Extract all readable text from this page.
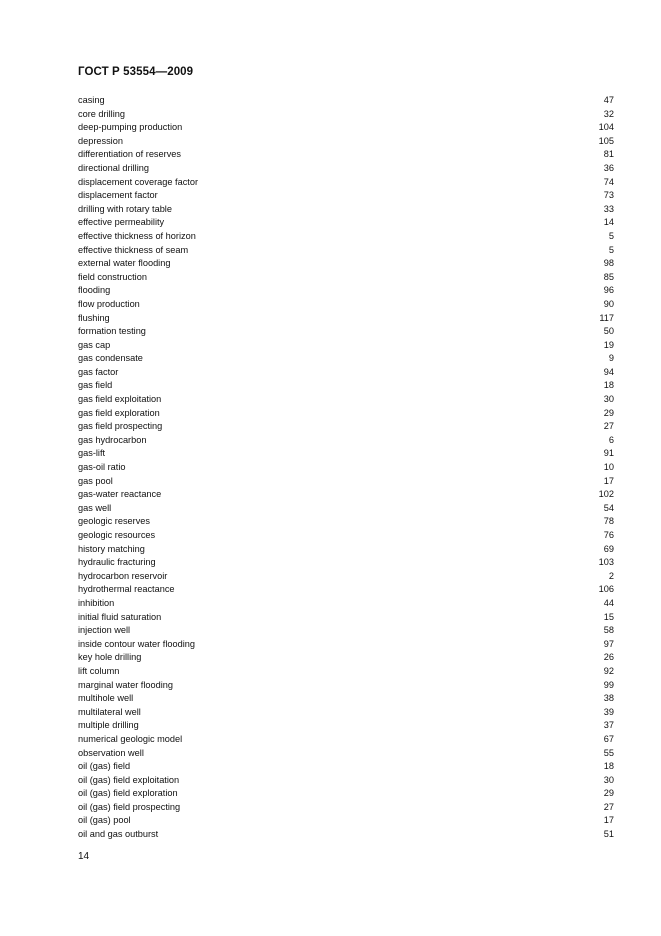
ГОСТ Р 53554—2009
casing	47
core drilling	32
deep-pumping production	104
depression	105
differentiation of reserves	81
directional drilling	36
displacement coverage factor	74
displacement factor	73
drilling with rotary table	33
effective permeability	14
effective thickness of horizon	5
effective thickness of seam	5
external water flooding	98
field construction	85
flooding	96
flow production	90
flushing	117
formation testing	50
gas cap	19
gas condensate	9
gas factor	94
gas field	18
gas field exploitation	30
gas field exploration	29
gas field prospecting	27
gas hydrocarbon	6
gas-lift	91
gas-oil ratio	10
gas pool	17
gas-water reactance	102
gas well	54
geologic reserves	78
geologic resources	76
history matching	69
hydraulic fracturing	103
hydrocarbon reservoir	2
hydrothermal reactance	106
inhibition	44
initial fluid saturation	15
injection well	58
inside contour water flooding	97
key hole drilling	26
lift column	92
marginal water flooding	99
multihole well	38
multilateral well	39
multiple drilling	37
numerical geologic model	67
observation well	55
oil (gas) field	18
oil (gas) field exploitation	30
oil (gas) field exploration	29
oil (gas) field prospecting	27
oil (gas) pool	17
oil and gas outburst	51
14
